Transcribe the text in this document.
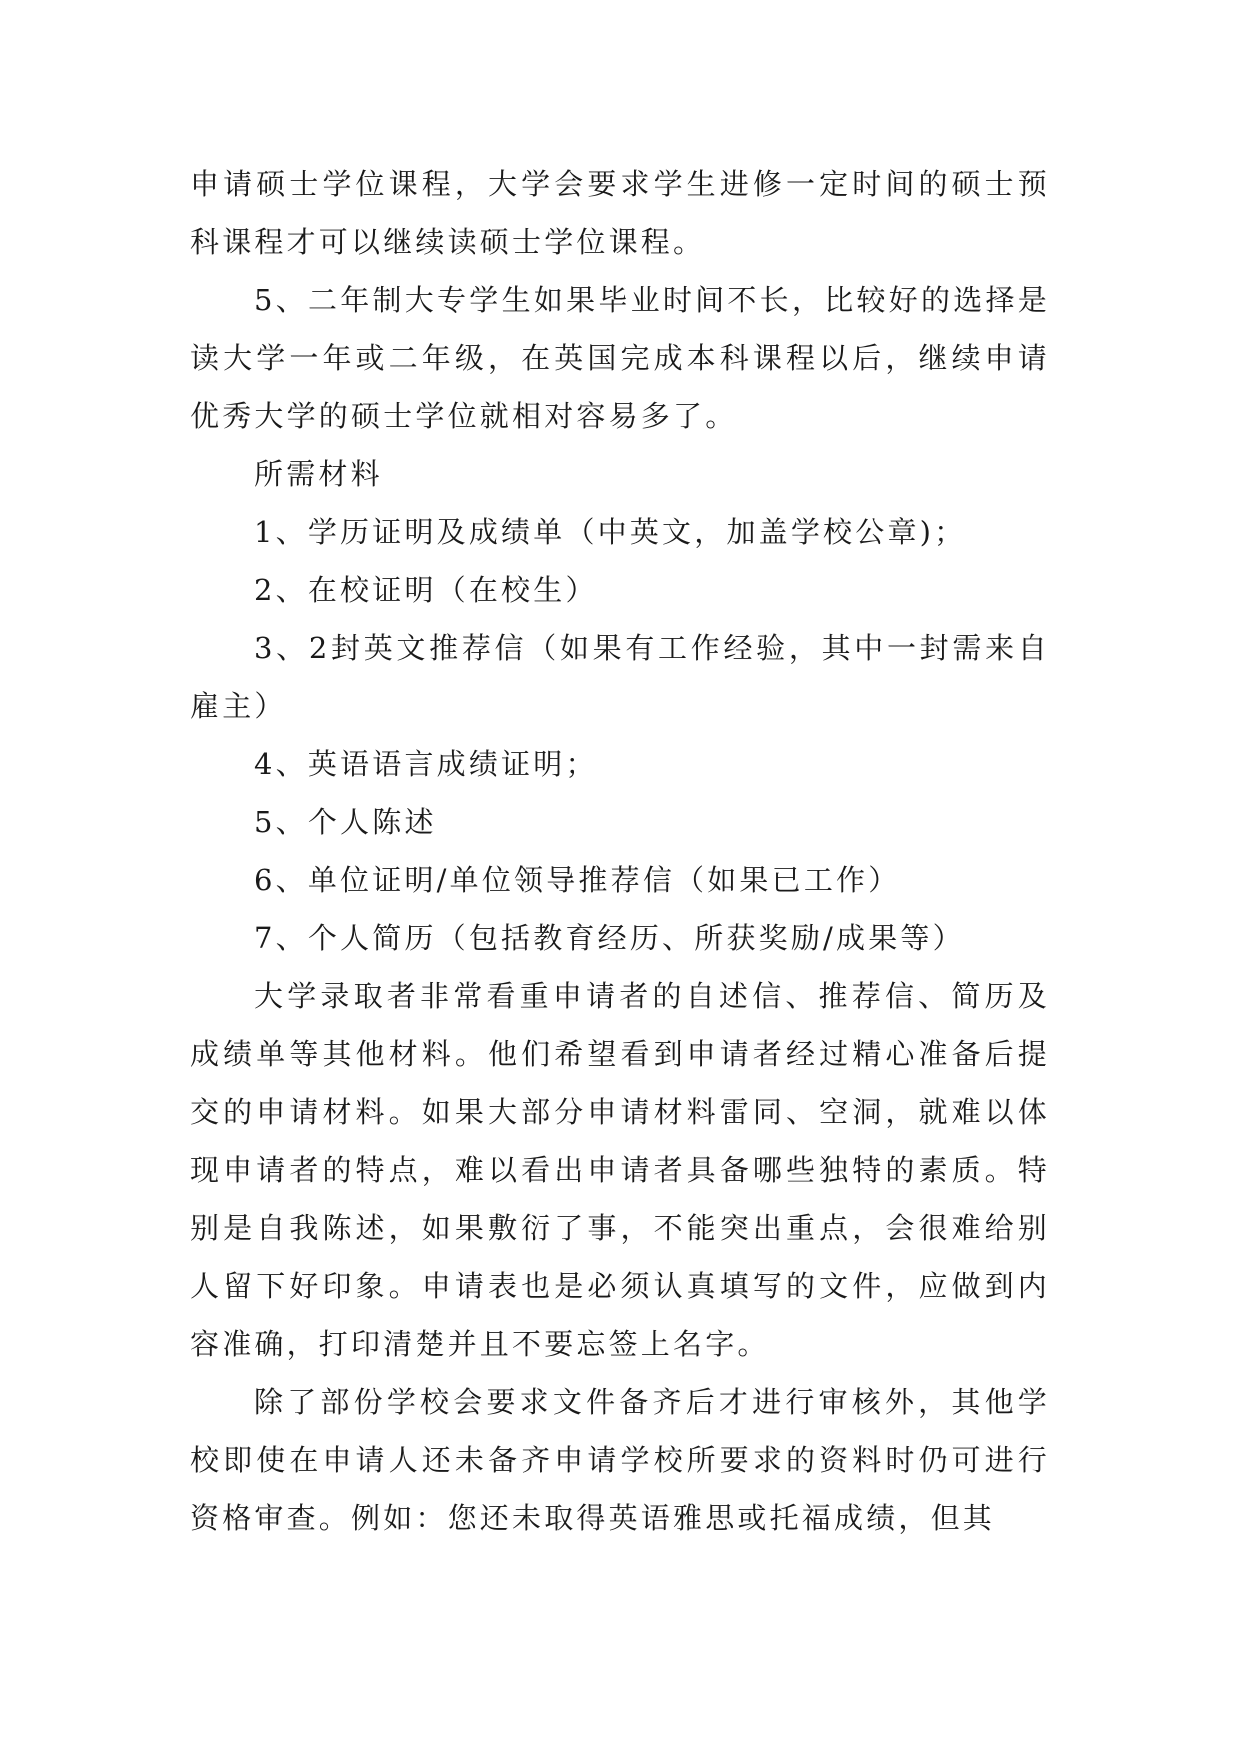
申请硕士学位课程，大学会要求学生进修一定时间的硕士预科课程才可以继续读硕士学位课程。

5、二年制大专学生如果毕业时间不长，比较好的选择是读大学一年或二年级，在英国完成本科课程以后，继续申请优秀大学的硕士学位就相对容易多了。

所需材料

1、学历证明及成绩单（中英文，加盖学校公章)；

2、在校证明（在校生）

3、2封英文推荐信（如果有工作经验，其中一封需来自雇主）

4、英语语言成绩证明；

5、个人陈述

6、单位证明/单位领导推荐信（如果已工作）

7、个人简历（包括教育经历、所获奖励/成果等）

大学录取者非常看重申请者的自述信、推荐信、简历及成绩单等其他材料。他们希望看到申请者经过精心准备后提交的申请材料。如果大部分申请材料雷同、空洞，就难以体现申请者的特点，难以看出申请者具备哪些独特的素质。特别是自我陈述，如果敷衍了事，不能突出重点，会很难给别人留下好印象。申请表也是必须认真填写的文件，应做到内容准确，打印清楚并且不要忘签上名字。

除了部份学校会要求文件备齐后才进行审核外，其他学校即使在申请人还未备齐申请学校所要求的资料时仍可进行资格审查。例如：您还未取得英语雅思或托福成绩，但其
